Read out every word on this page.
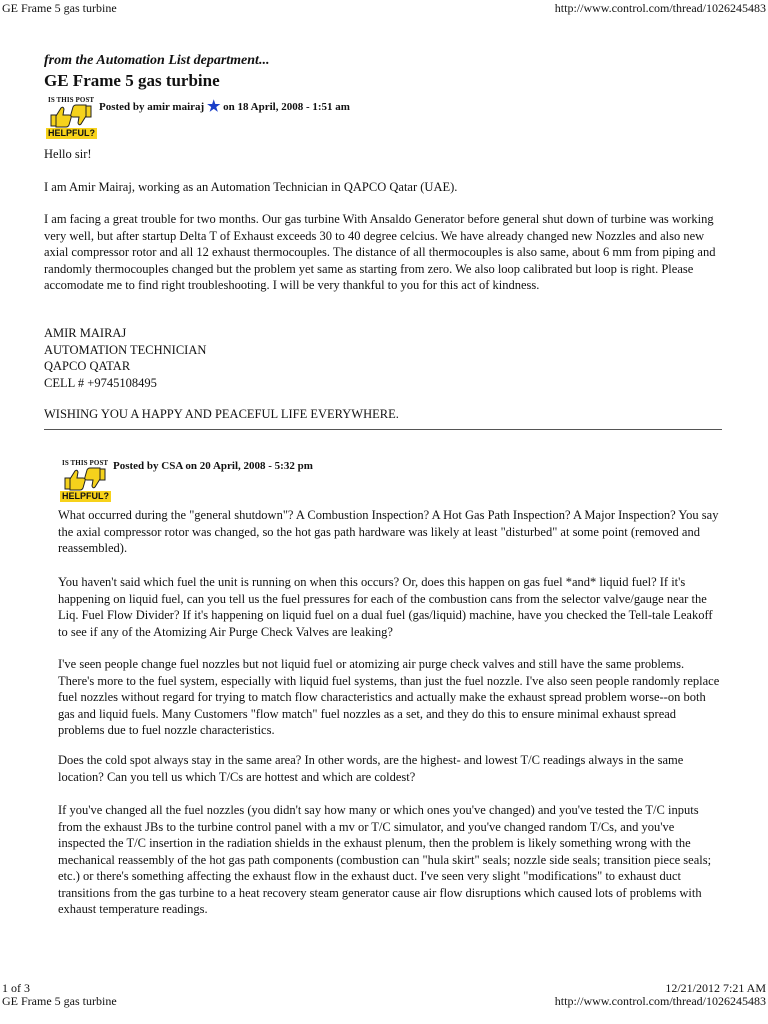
GE Frame 5 gas turbine	http://www.control.com/thread/1026245483
from the Automation List department...
GE Frame 5 gas turbine
IS THIS POST
HELPFUL?
Posted by amir mairaj ★ on 18 April, 2008 - 1:51 am

Hello sir!

I am Amir Mairaj, working as an Automation Technician in QAPCO Qatar (UAE).

I am facing a great trouble for two months. Our gas turbine With Ansaldo Generator before general shut down of turbine was working very well, but after startup Delta T of Exhaust exceeds 30 to 40 degree celcius. We have already changed new Nozzles and also new axial compressor rotor and all 12 exhaust thermocouples. The distance of all thermocouples is also same, about 6 mm from piping and randomly thermocouples changed but the problem yet same as starting from zero. We also loop calibrated but loop is right. Please accomodate me to find right troubleshooting. I will be very thankful to you for this act of kindness.

AMIR MAIRAJ
AUTOMATION TECHNICIAN
QAPCO QATAR
CELL # +9745108495

WISHING YOU A HAPPY AND PEACEFUL LIFE EVERYWHERE.

IS THIS POST
HELPFUL?
Posted by CSA on 20 April, 2008 - 5:32 pm

What occurred during the "general shutdown"? A Combustion Inspection? A Hot Gas Path Inspection? A Major Inspection? You say the axial compressor rotor was changed, so the hot gas path hardware was likely at least "disturbed" at some point (removed and reassembled).

You haven't said which fuel the unit is running on when this occurs? Or, does this happen on gas fuel *and* liquid fuel? If it's happening on liquid fuel, can you tell us the fuel pressures for each of the combustion cans from the selector valve/gauge near the Liq. Fuel Flow Divider? If it's happening on liquid fuel on a dual fuel (gas/liquid) machine, have you checked the Tell-tale Leakoff to see if any of the Atomizing Air Purge Check Valves are leaking?

I've seen people change fuel nozzles but not liquid fuel or atomizing air purge check valves and still have the same problems. There's more to the fuel system, especially with liquid fuel systems, than just the fuel nozzle. I've also seen people randomly replace fuel nozzles without regard for trying to match flow characteristics and actually make the exhaust spread problem worse--on both gas and liquid fuels. Many Customers "flow match" fuel nozzles as a set, and they do this to ensure minimal exhaust spread problems due to fuel nozzle characteristics.

Does the cold spot always stay in the same area? In other words, are the highest- and lowest T/C readings always in the same location? Can you tell us which T/Cs are hottest and which are coldest?

If you've changed all the fuel nozzles (you didn't say how many or which ones you've changed) and you've tested the T/C inputs from the exhaust JBs to the turbine control panel with a mv or T/C simulator, and you've changed random T/Cs, and you've inspected the T/C insertion in the radiation shields in the exhaust plenum, then the problem is likely something wrong with the mechanical reassembly of the hot gas path components (combustion can "hula skirt" seals; nozzle side seals; transition piece seals; etc.) or there's something affecting the exhaust flow in the exhaust duct. I've seen very slight "modifications" to exhaust duct transitions from the gas turbine to a heat recovery steam generator cause air flow disruptions which caused lots of problems with exhaust temperature readings.

1 of 3	12/21/2012 7:21 AM
GE Frame 5 gas turbine	http://www.control.com/thread/1026245483
